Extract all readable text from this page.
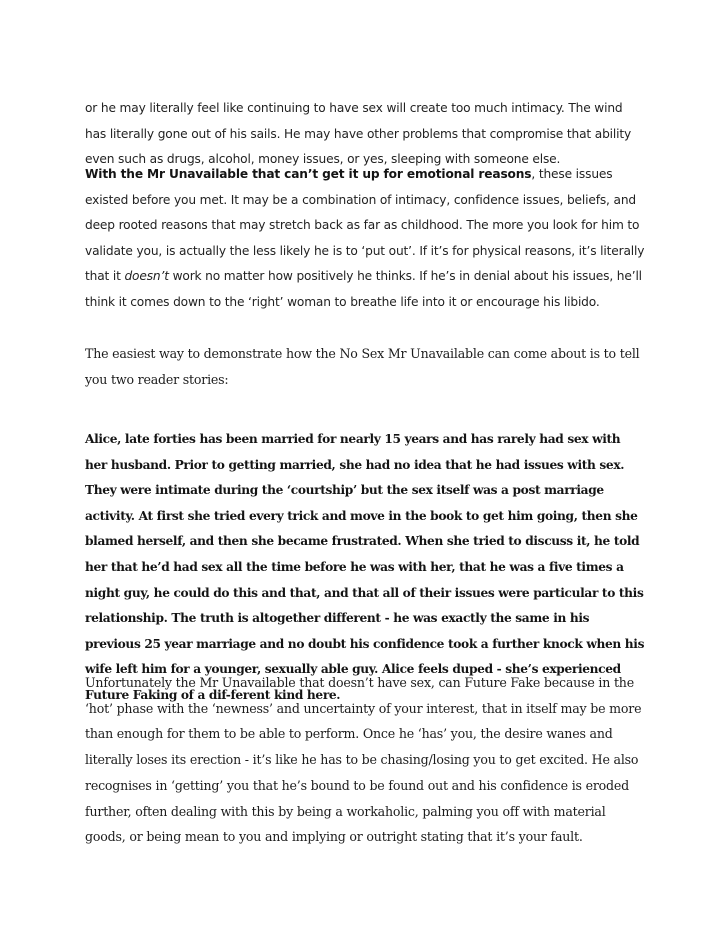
or he may literally feel like continuing to have sex will create too much intimacy. The wind has literally gone out of his sails. He may have other problems that compromise that ability even such as drugs, alcohol, money issues, or yes, sleeping with someone else.

With the Mr Unavailable that can’t get it up for emotional reasons, these issues existed before you met. It may be a combination of intimacy, confidence issues, beliefs, and deep rooted reasons that may stretch back as far as childhood. The more you look for him to validate you, is actually the less likely he is to ‘put out’. If it’s for physical reasons, it’s literally that it doesn’t work no matter how positively he thinks. If he’s in denial about his issues, he’ll think it comes down to the ‘right’ woman to breathe life into it or encourage his libido.

The easiest way to demonstrate how the No Sex Mr Unavailable can come about is to tell you two reader stories:

Alice, late forties has been married for nearly 15 years and has rarely had sex with her husband. Prior to getting married, she had no idea that he had issues with sex. They were intimate during the ‘courtship’ but the sex itself was a post marriage activity. At first she tried every trick and move in the book to get him going, then she blamed herself, and then she became frustrated. When she tried to discuss it, he told her that he’d had sex all the time before he was with her, that he was a five times a night guy, he could do this and that, and that all of their issues were particular to this relationship. The truth is altogether different - he was exactly the same in his previous 25 year marriage and no doubt his confidence took a further knock when his wife left him for a younger, sexually able guy. Alice feels duped - she’s experienced Future Faking of a dif-ferent kind here.

Unfortunately the Mr Unavailable that doesn’t have sex, can Future Fake because in the ‘hot’ phase with the ‘newness’ and uncertainty of your interest, that in itself may be more than enough for them to be able to perform. Once he ‘has’ you, the desire wanes and literally loses its erection - it’s like he has to be chasing/losing you to get excited. He also recognises in ‘getting’ you that he’s bound to be found out and his confidence is eroded further, often dealing with this by being a workaholic, palming you off with material goods, or being mean to you and implying or outright stating that it’s your fault.
